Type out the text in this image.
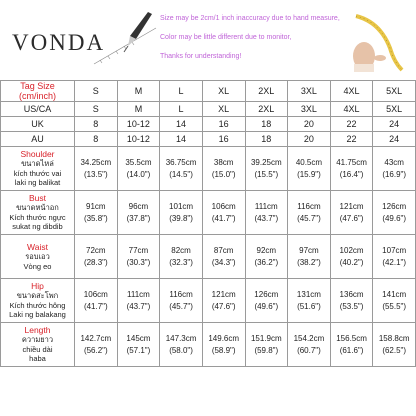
VONDA
Size may be 2cm/1 inch inaccuracy due to hand measure,
Color may be little different due to monitor,
Thanks for understanding!
Tag Size (cm/inch)	S	M	L	XL	2XL	3XL	4XL	5XL
US/CA	S	M	L	XL	2XL	3XL	4XL	5XL
UK	8	10-12	14	16	18	20	22	24
AU	8	10-12	14	16	18	20	22	24

Shoulder
ขนาดไหล่
kích thước vai
laki ng balikat	34.25cm
(13.5")	35.5cm
(14.0")	36.75cm
(14.5")	38cm
(15.0")	39.25cm
(15.5")	40.5cm
(15.9")	41.75cm
(16.4")	43cm
(16.9")

Bust
ขนาดหน้าอก
Kích thước ngực
sukat ng dibdib	91cm
(35.8")	96cm
(37.8")	101cm
(39.8")	106cm
(41.7")	111cm
(43.7")	116cm
(45.7")	121cm
(47.6")	126cm
(49.6")

Waist
รอบเอว
Vòng eo	72cm
(28.3")	77cm
(30.3")	82cm
(32.3")	87cm
(34.3")	92cm
(36.2")	97cm
(38.2")	102cm
(40.2")	107cm
(42.1")

Hip
ขนาดสะโพก
Kích thước hông
Laki ng balakang	106cm
(41.7")	111cm
(43.7")	116cm
(45.7")	121cm
(47.6")	126cm
(49.6")	131cm
(51.6")	136cm
(53.5")	141cm
(55.5")

Length
ความยาว
chiều dài
haba	142.7cm
(56.2")	145cm
(57.1")	147.3cm
(58.0")	149.6cm
(58.9")	151.9cm
(59.8")	154.2cm
(60.7")	156.5cm
(61.6")	158.8cm
(62.5")
